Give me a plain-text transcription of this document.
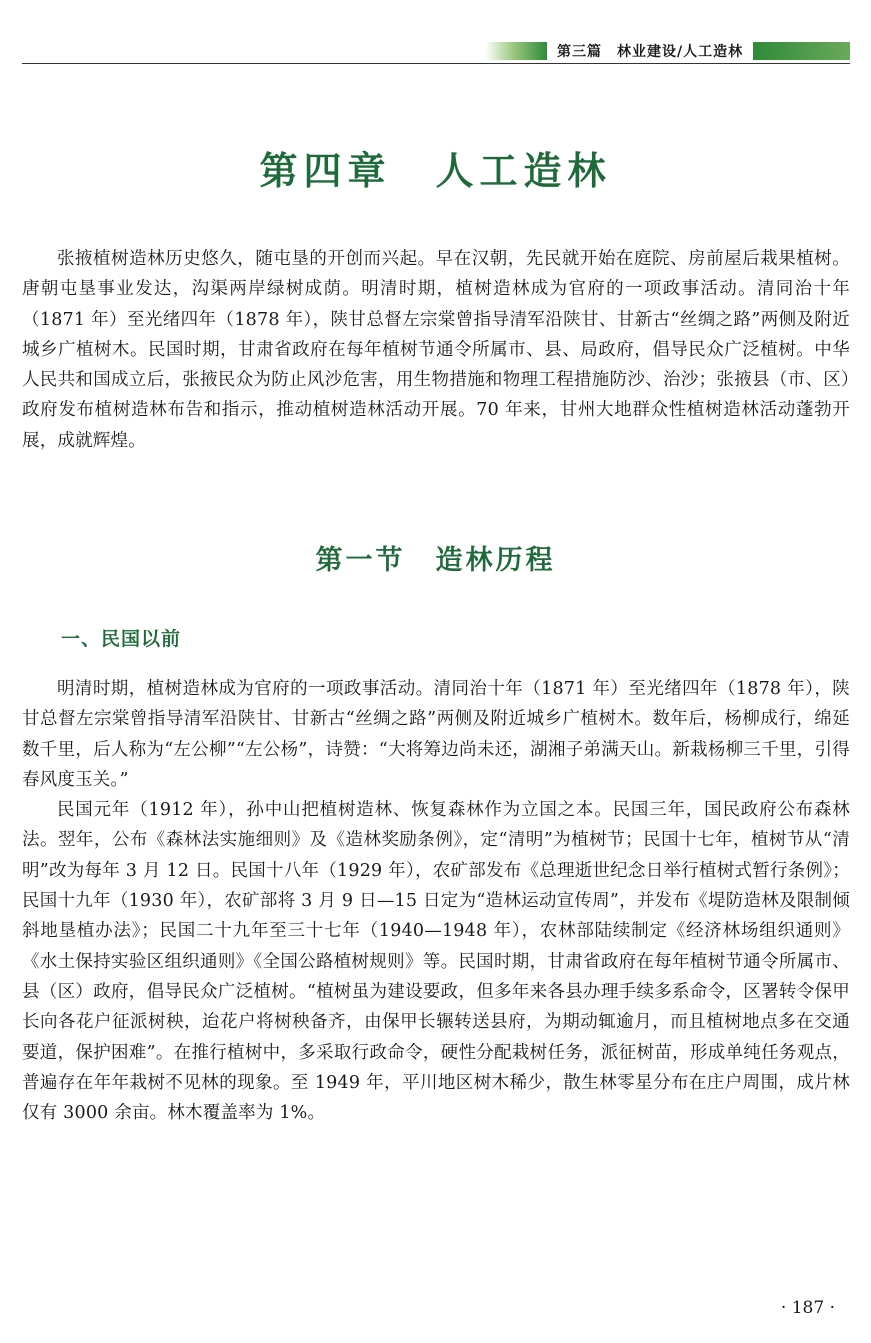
第三篇　林业建设/人工造林
第四章　人工造林

张掖植树造林历史悠久，随屯垦的开创而兴起。早在汉朝，先民就开始在庭院、房前屋后栽果植树。唐朝屯垦事业发达，沟渠两岸绿树成荫。明清时期，植树造林成为官府的一项政事活动。清同治十年（1871 年）至光绪四年（1878 年），陕甘总督左宗棠曾指导清军沿陕甘、甘新古“丝绸之路”两侧及附近城乡广植树木。民国时期，甘肃省政府在每年植树节通令所属市、县、局政府，倡导民众广泛植树。中华人民共和国成立后，张掖民众为防止风沙危害，用生物措施和物理工程措施防沙、治沙；张掖县（市、区）政府发布植树造林布告和指示，推动植树造林活动开展。70 年来，甘州大地群众性植树造林活动蓬勃开展，成就辉煌。

第一节　造林历程
一、民国以前

明清时期，植树造林成为官府的一项政事活动。清同治十年（1871 年）至光绪四年（1878 年），陕甘总督左宗棠曾指导清军沿陕甘、甘新古“丝绸之路”两侧及附近城乡广植树木。数年后，杨柳成行，绵延数千里，后人称为“左公柳”“左公杨”，诗赞：“大将筹边尚未还，湖湘子弟满天山。新栽杨柳三千里，引得春风度玉关。”

民国元年（1912 年），孙中山把植树造林、恢复森林作为立国之本。民国三年，国民政府公布森林法。翌年，公布《森林法实施细则》及《造林奖励条例》，定“清明”为植树节；民国十七年，植树节从“清明”改为每年 3 月 12 日。民国十八年（1929 年），农矿部发布《总理逝世纪念日举行植树式暂行条例》；民国十九年（1930 年），农矿部将 3 月 9 日—15 日定为“造林运动宣传周”，并发布《堤防造林及限制倾斜地垦植办法》；民国二十九年至三十七年（1940—1948 年），农林部陆续制定《经济林场组织通则》《水土保持实验区组织通则》《全国公路植树规则》等。民国时期，甘肃省政府在每年植树节通令所属市、县（区）政府，倡导民众广泛植树。“植树虽为建设要政，但多年来各县办理手续多系命令，区署转令保甲长向各花户征派树秧，迨花户将树秧备齐，由保甲长辗转送县府，为期动辄逾月，而且植树地点多在交通要道，保护困难”。在推行植树中，多采取行政命令，硬性分配栽树任务，派征树苗，形成单纯任务观点，普遍存在年年栽树不见林的现象。至 1949 年，平川地区树木稀少，散生林零星分布在庄户周围，成片林仅有 3000 余亩。林木覆盖率为 1%。

· 187 ·
